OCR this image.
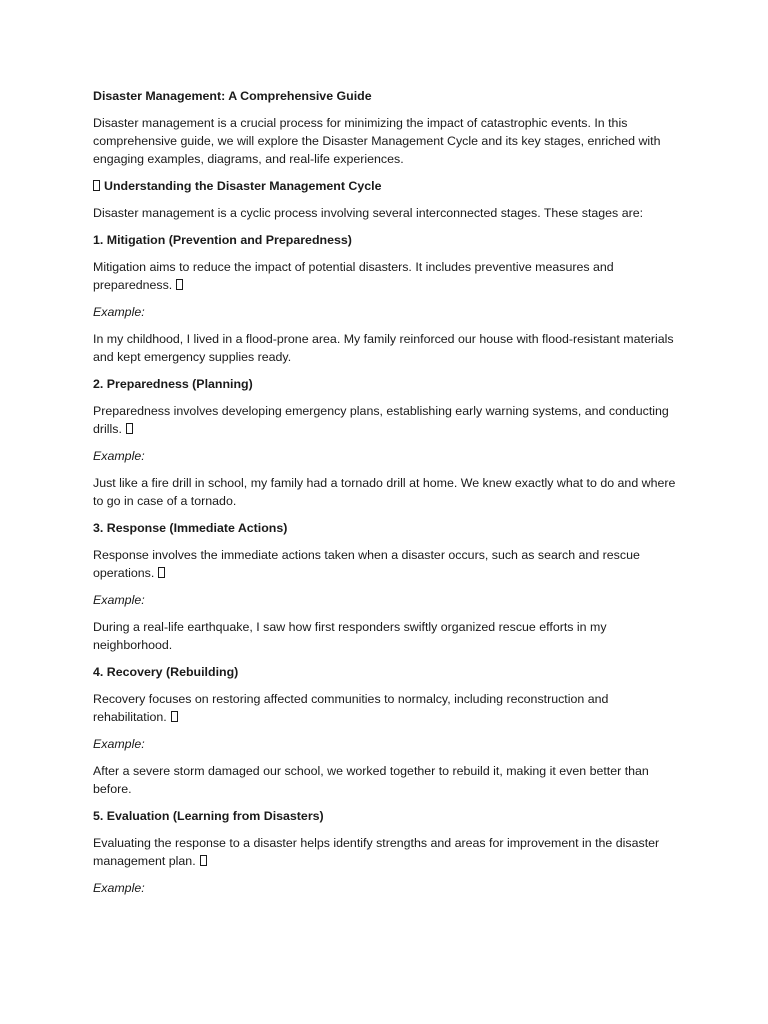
Disaster Management: A Comprehensive Guide

Disaster management is a crucial process for minimizing the impact of catastrophic events. In this comprehensive guide, we will explore the Disaster Management Cycle and its key stages, enriched with engaging examples, diagrams, and real-life experiences.

Understanding the Disaster Management Cycle

Disaster management is a cyclic process involving several interconnected stages. These stages are:

1. Mitigation (Prevention and Preparedness)

Mitigation aims to reduce the impact of potential disasters. It includes preventive measures and preparedness.

Example:

In my childhood, I lived in a flood-prone area. My family reinforced our house with flood-resistant materials and kept emergency supplies ready.

2. Preparedness (Planning)

Preparedness involves developing emergency plans, establishing early warning systems, and conducting drills.

Example:

Just like a fire drill in school, my family had a tornado drill at home. We knew exactly what to do and where to go in case of a tornado.

3. Response (Immediate Actions)

Response involves the immediate actions taken when a disaster occurs, such as search and rescue operations.

Example:

During a real-life earthquake, I saw how first responders swiftly organized rescue efforts in my neighborhood.

4. Recovery (Rebuilding)

Recovery focuses on restoring affected communities to normalcy, including reconstruction and rehabilitation.

Example:

After a severe storm damaged our school, we worked together to rebuild it, making it even better than before.

5. Evaluation (Learning from Disasters)

Evaluating the response to a disaster helps identify strengths and areas for improvement in the disaster management plan.

Example:
